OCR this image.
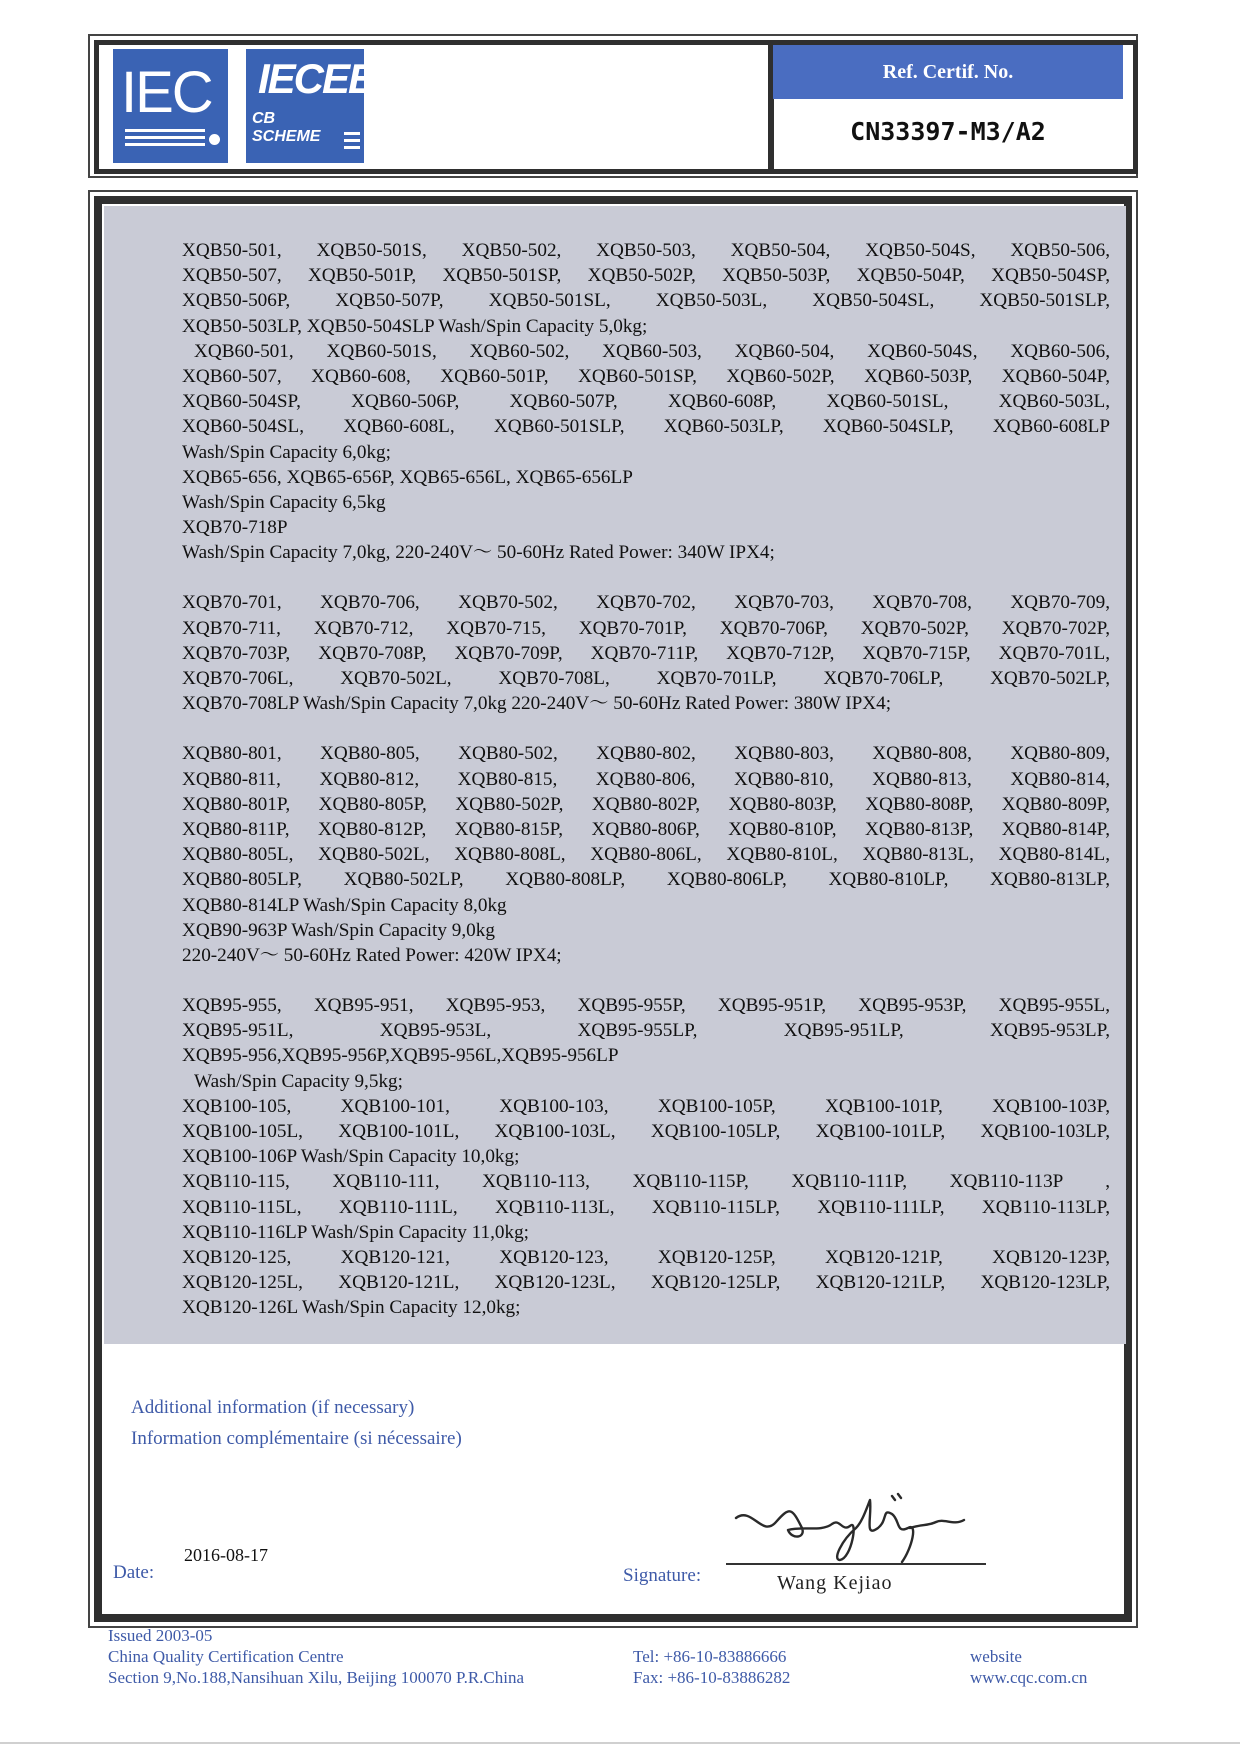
IEC IECEE
CB
SCHEME
Ref. Certif. No.
CN33397-M3/A2
XQB50-501, XQB50-501S, XQB50-502, XQB50-503, XQB50-504, XQB50-504S, XQB50-506,
XQB50-507, XQB50-501P, XQB50-501SP, XQB50-502P, XQB50-503P, XQB50-504P, XQB50-504SP,
XQB50-506P, XQB50-507P, XQB50-501SL, XQB50-503L, XQB50-504SL, XQB50-501SLP,
XQB50-503LP, XQB50-504SLP Wash/Spin Capacity 5,0kg;
XQB60-501, XQB60-501S, XQB60-502, XQB60-503, XQB60-504, XQB60-504S, XQB60-506,
XQB60-507, XQB60-608, XQB60-501P, XQB60-501SP, XQB60-502P, XQB60-503P, XQB60-504P,
XQB60-504SP, XQB60-506P, XQB60-507P, XQB60-608P, XQB60-501SL, XQB60-503L,
XQB60-504SL, XQB60-608L, XQB60-501SLP, XQB60-503LP, XQB60-504SLP, XQB60-608LP
Wash/Spin Capacity 6,0kg;
XQB65-656, XQB65-656P, XQB65-656L, XQB65-656LP
Wash/Spin Capacity 6,5kg
XQB70-718P
Wash/Spin Capacity 7,0kg, 220-240V～ 50-60Hz Rated Power: 340W IPX4;
XQB70-701, XQB70-706, XQB70-502, XQB70-702, XQB70-703, XQB70-708, XQB70-709,
XQB70-711, XQB70-712, XQB70-715, XQB70-701P, XQB70-706P, XQB70-502P, XQB70-702P,
XQB70-703P, XQB70-708P, XQB70-709P, XQB70-711P, XQB70-712P, XQB70-715P, XQB70-701L,
XQB70-706L, XQB70-502L, XQB70-708L, XQB70-701LP, XQB70-706LP, XQB70-502LP,
XQB70-708LP Wash/Spin Capacity 7,0kg 220-240V～ 50-60Hz Rated Power: 380W IPX4;
XQB80-801, XQB80-805, XQB80-502, XQB80-802, XQB80-803, XQB80-808, XQB80-809,
XQB80-811, XQB80-812, XQB80-815, XQB80-806, XQB80-810, XQB80-813, XQB80-814,
XQB80-801P, XQB80-805P, XQB80-502P, XQB80-802P, XQB80-803P, XQB80-808P, XQB80-809P,
XQB80-811P, XQB80-812P, XQB80-815P, XQB80-806P, XQB80-810P, XQB80-813P, XQB80-814P,
XQB80-805L, XQB80-502L, XQB80-808L, XQB80-806L, XQB80-810L, XQB80-813L, XQB80-814L,
XQB80-805LP, XQB80-502LP, XQB80-808LP, XQB80-806LP, XQB80-810LP, XQB80-813LP,
XQB80-814LP Wash/Spin Capacity 8,0kg
XQB90-963P Wash/Spin Capacity 9,0kg
220-240V～ 50-60Hz Rated Power: 420W IPX4;
XQB95-955, XQB95-951, XQB95-953, XQB95-955P, XQB95-951P, XQB95-953P, XQB95-955L,
XQB95-951L, XQB95-953L, XQB95-955LP, XQB95-951LP, XQB95-953LP,
XQB95-956,XQB95-956P,XQB95-956L,XQB95-956LP
Wash/Spin Capacity 9,5kg;
XQB100-105, XQB100-101, XQB100-103, XQB100-105P, XQB100-101P, XQB100-103P,
XQB100-105L, XQB100-101L, XQB100-103L, XQB100-105LP, XQB100-101LP, XQB100-103LP,
XQB100-106P Wash/Spin Capacity 10,0kg;
XQB110-115, XQB110-111, XQB110-113, XQB110-115P, XQB110-111P, XQB110-113P ,
XQB110-115L, XQB110-111L, XQB110-113L, XQB110-115LP, XQB110-111LP, XQB110-113LP,
XQB110-116LP Wash/Spin Capacity 11,0kg;
XQB120-125, XQB120-121, XQB120-123, XQB120-125P, XQB120-121P, XQB120-123P,
XQB120-125L, XQB120-121L, XQB120-123L, XQB120-125LP, XQB120-121LP, XQB120-123LP,
XQB120-126L Wash/Spin Capacity 12,0kg;
Additional information (if necessary)
Information complémentaire (si nécessaire)
Date:
2016-08-17
Signature:	Wang Kejiao
Issued 2003-05
China Quality Certification Centre
Section 9,No.188,Nansihuan Xilu, Beijing 100070 P.R.China
Tel: +86-10-83886666
Fax: +86-10-83886282
website
www.cqc.com.cn
